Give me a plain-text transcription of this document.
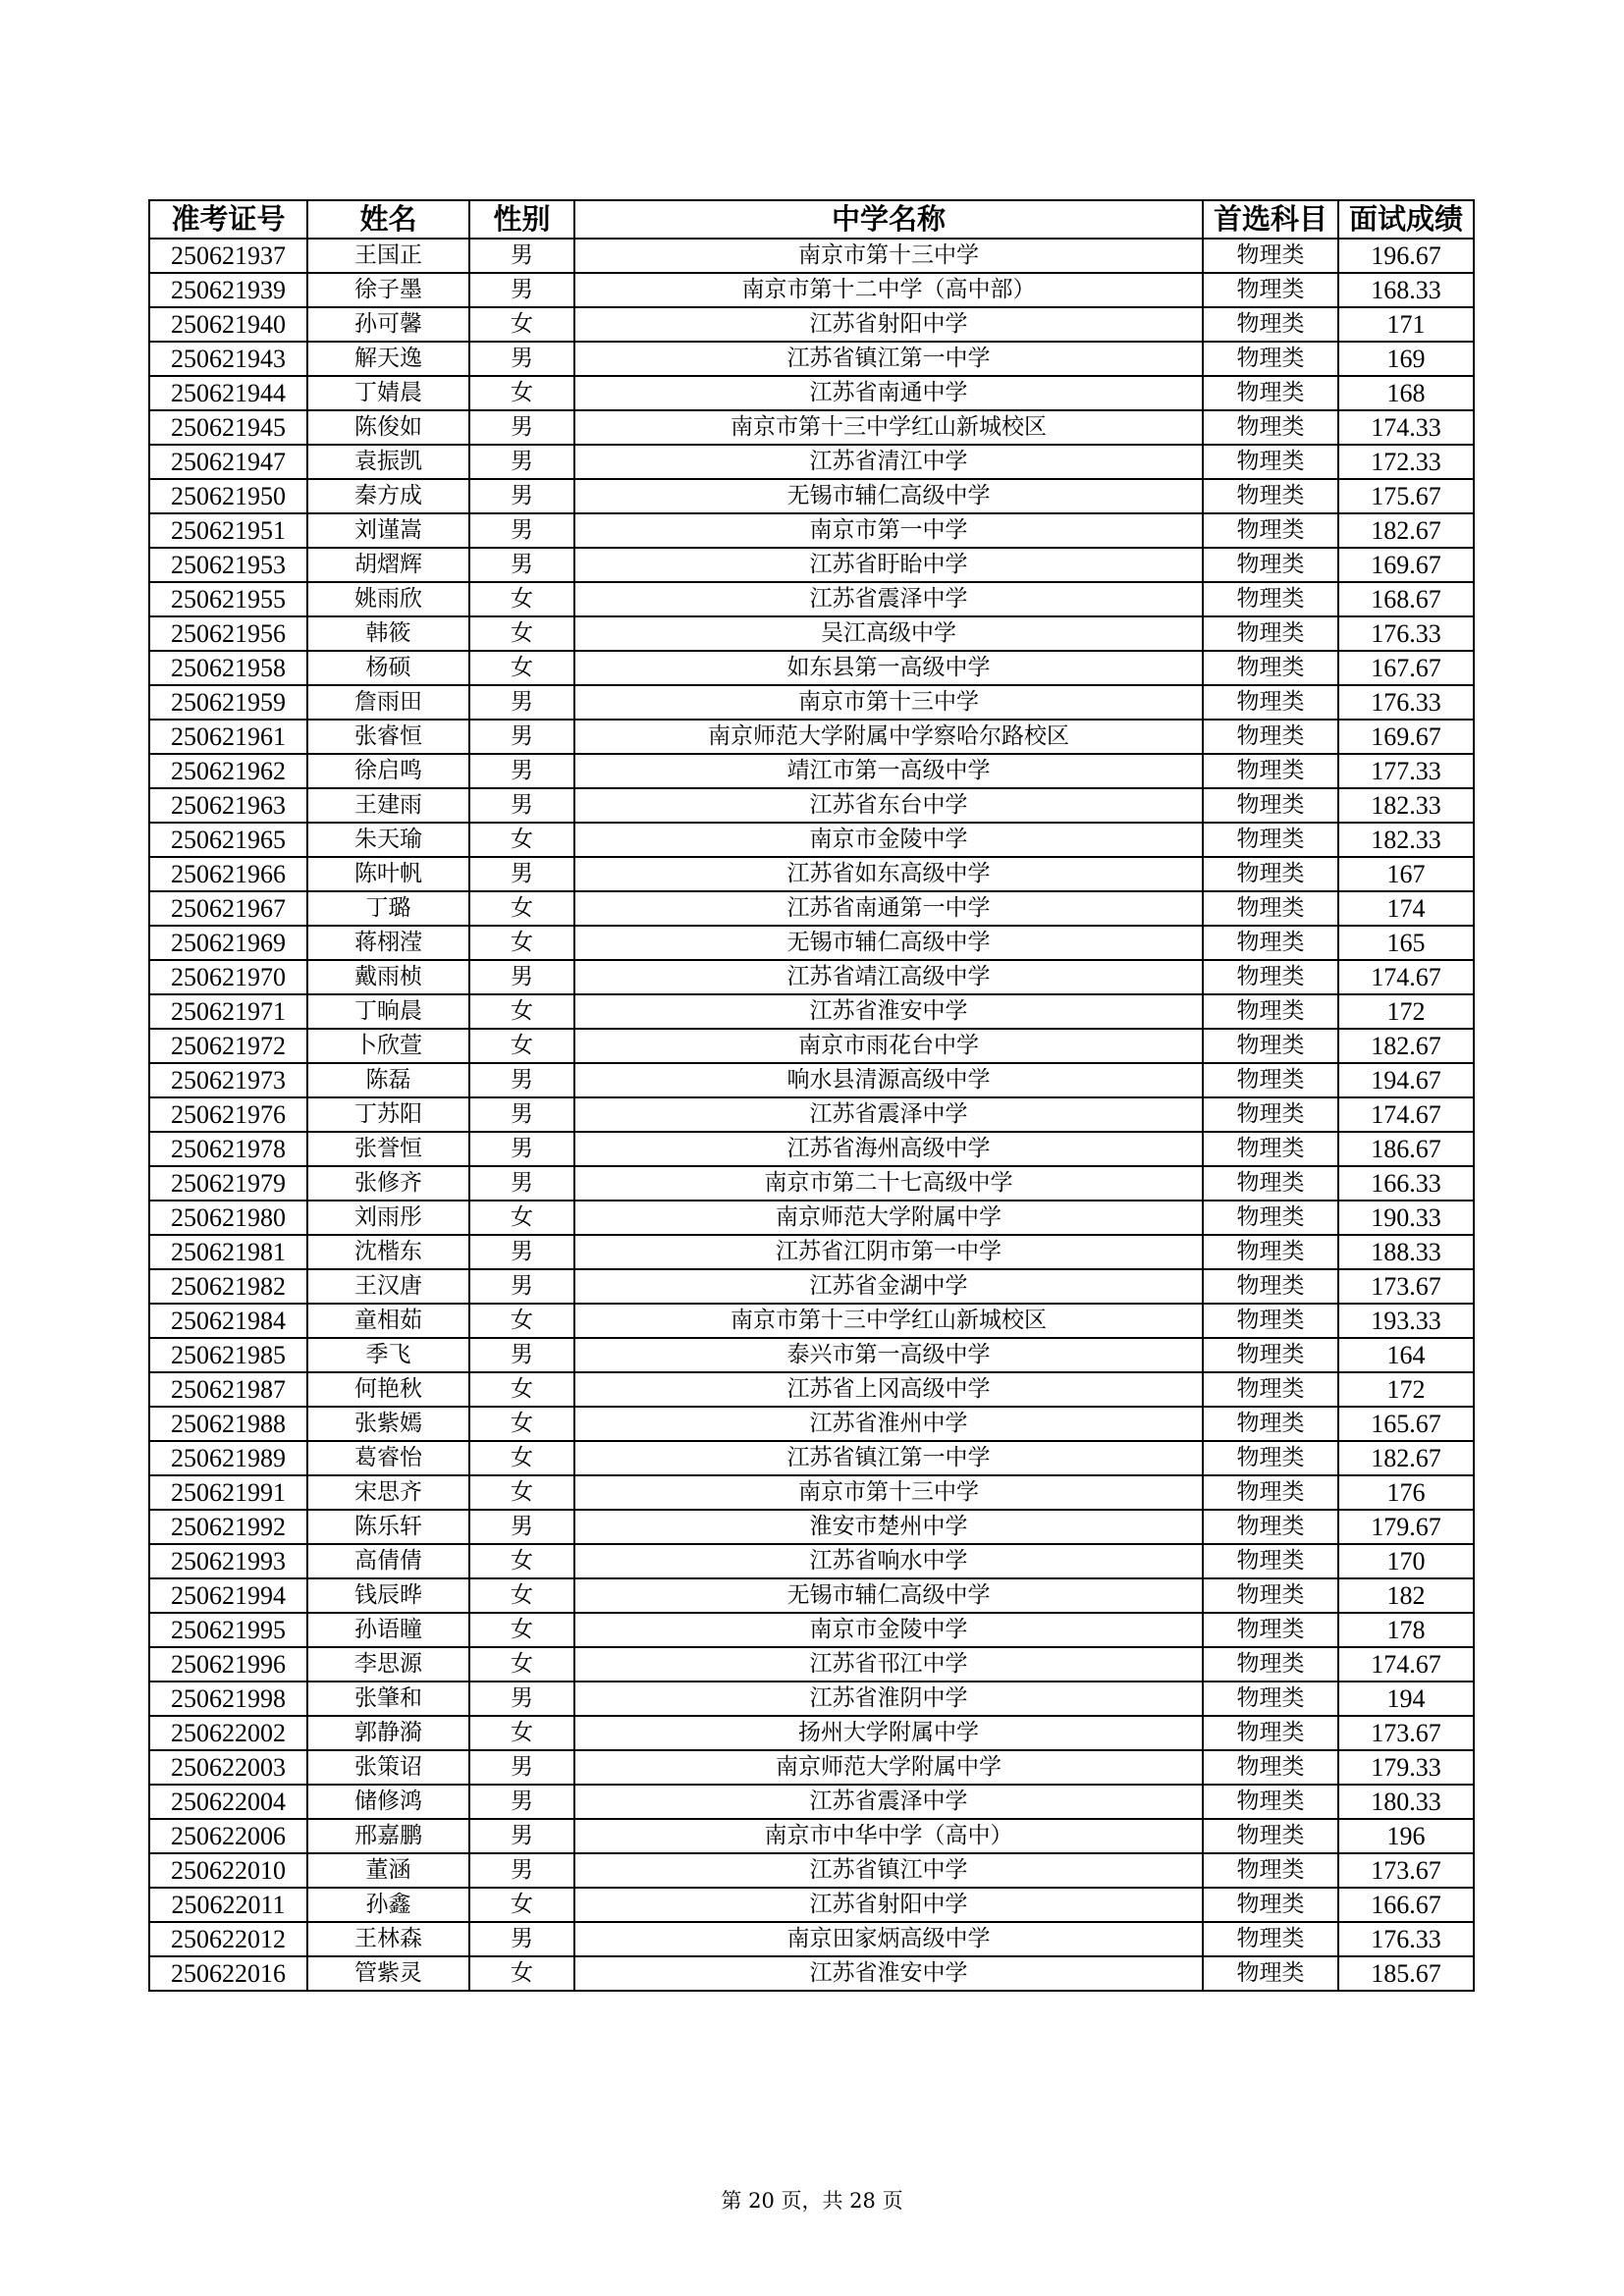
准考证号	姓名	性别	中学名称	首选科目	面试成绩
250621937	王国正	男	南京市第十三中学	物理类	196.67
250621939	徐子墨	男	南京市第十二中学（高中部）	物理类	168.33
250621940	孙可馨	女	江苏省射阳中学	物理类	171
250621943	解天逸	男	江苏省镇江第一中学	物理类	169
250621944	丁婧晨	女	江苏省南通中学	物理类	168
250621945	陈俊如	男	南京市第十三中学红山新城校区	物理类	174.33
250621947	袁振凯	男	江苏省清江中学	物理类	172.33
250621950	秦方成	男	无锡市辅仁高级中学	物理类	175.67
250621951	刘谨嵩	男	南京市第一中学	物理类	182.67
250621953	胡熠辉	男	江苏省盱眙中学	物理类	169.67
250621955	姚雨欣	女	江苏省震泽中学	物理类	168.67
250621956	韩筱	女	吴江高级中学	物理类	176.33
250621958	杨硕	女	如东县第一高级中学	物理类	167.67
250621959	詹雨田	男	南京市第十三中学	物理类	176.33
250621961	张睿恒	男	南京师范大学附属中学察哈尔路校区	物理类	169.67
250621962	徐启鸣	男	靖江市第一高级中学	物理类	177.33
250621963	王建雨	男	江苏省东台中学	物理类	182.33
250621965	朱天瑜	女	南京市金陵中学	物理类	182.33
250621966	陈叶帆	男	江苏省如东高级中学	物理类	167
250621967	丁璐	女	江苏省南通第一中学	物理类	174
250621969	蒋栩滢	女	无锡市辅仁高级中学	物理类	165
250621970	戴雨桢	男	江苏省靖江高级中学	物理类	174.67
250621971	丁晌晨	女	江苏省淮安中学	物理类	172
250621972	卜欣萱	女	南京市雨花台中学	物理类	182.67
250621973	陈磊	男	响水县清源高级中学	物理类	194.67
250621976	丁苏阳	男	江苏省震泽中学	物理类	174.67
250621978	张誉恒	男	江苏省海州高级中学	物理类	186.67
250621979	张修齐	男	南京市第二十七高级中学	物理类	166.33
250621980	刘雨彤	女	南京师范大学附属中学	物理类	190.33
250621981	沈楷东	男	江苏省江阴市第一中学	物理类	188.33
250621982	王汉唐	男	江苏省金湖中学	物理类	173.67
250621984	童相茹	女	南京市第十三中学红山新城校区	物理类	193.33
250621985	季飞	男	泰兴市第一高级中学	物理类	164
250621987	何艳秋	女	江苏省上冈高级中学	物理类	172
250621988	张紫嫣	女	江苏省淮州中学	物理类	165.67
250621989	葛睿怡	女	江苏省镇江第一中学	物理类	182.67
250621991	宋思齐	女	南京市第十三中学	物理类	176
250621992	陈乐轩	男	淮安市楚州中学	物理类	179.67
250621993	高倩倩	女	江苏省响水中学	物理类	170
250621994	钱辰晔	女	无锡市辅仁高级中学	物理类	182
250621995	孙语瞳	女	南京市金陵中学	物理类	178
250621996	李思源	女	江苏省邗江中学	物理类	174.67
250621998	张肇和	男	江苏省淮阴中学	物理类	194
250622002	郭静漪	女	扬州大学附属中学	物理类	173.67
250622003	张策诏	男	南京师范大学附属中学	物理类	179.33
250622004	储修鸿	男	江苏省震泽中学	物理类	180.33
250622006	邢嘉鹏	男	南京市中华中学（高中）	物理类	196
250622010	董涵	男	江苏省镇江中学	物理类	173.67
250622011	孙鑫	女	江苏省射阳中学	物理类	166.67
250622012	王林森	男	南京田家炳高级中学	物理类	176.33
250622016	管紫灵	女	江苏省淮安中学	物理类	185.67
第 20 页，共 28 页
